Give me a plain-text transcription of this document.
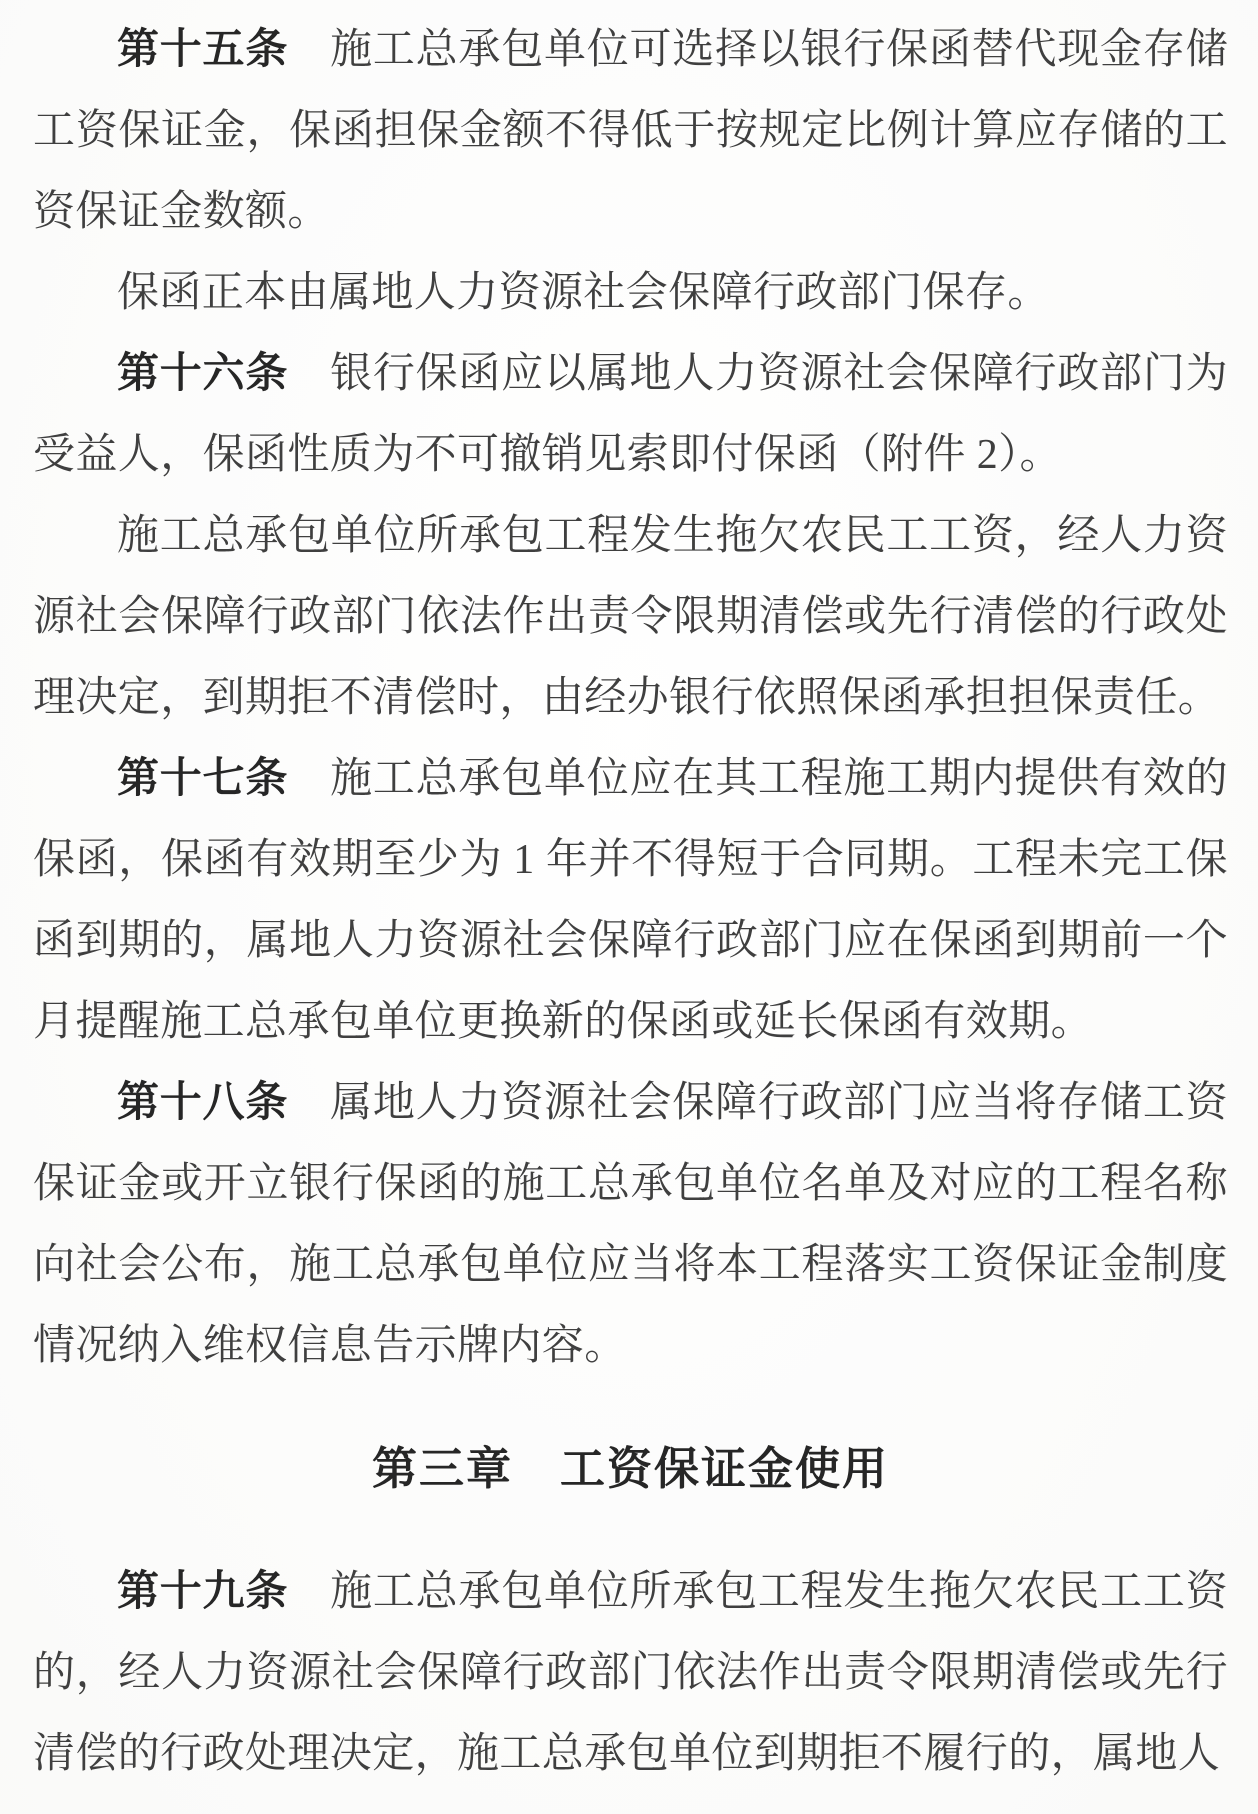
第十五条 施工总承包单位可选择以银行保函替代现金存储工资保证金，保函担保金额不得低于按规定比例计算应存储的工资保证金数额。

保函正本由属地人力资源社会保障行政部门保存。

第十六条 银行保函应以属地人力资源社会保障行政部门为受益人，保函性质为不可撤销见索即付保函（附件 2）。

施工总承包单位所承包工程发生拖欠农民工工资，经人力资源社会保障行政部门依法作出责令限期清偿或先行清偿的行政处理决定，到期拒不清偿时，由经办银行依照保函承担担保责任。

第十七条 施工总承包单位应在其工程施工期内提供有效的保函，保函有效期至少为 1 年并不得短于合同期。工程未完工保函到期的，属地人力资源社会保障行政部门应在保函到期前一个月提醒施工总承包单位更换新的保函或延长保函有效期。

第十八条 属地人力资源社会保障行政部门应当将存储工资保证金或开立银行保函的施工总承包单位名单及对应的工程名称向社会公布，施工总承包单位应当将本工程落实工资保证金制度情况纳入维权信息告示牌内容。

第三章　工资保证金使用

第十九条 施工总承包单位所承包工程发生拖欠农民工工资的，经人力资源社会保障行政部门依法作出责令限期清偿或先行清偿的行政处理决定，施工总承包单位到期拒不履行的，属地人
